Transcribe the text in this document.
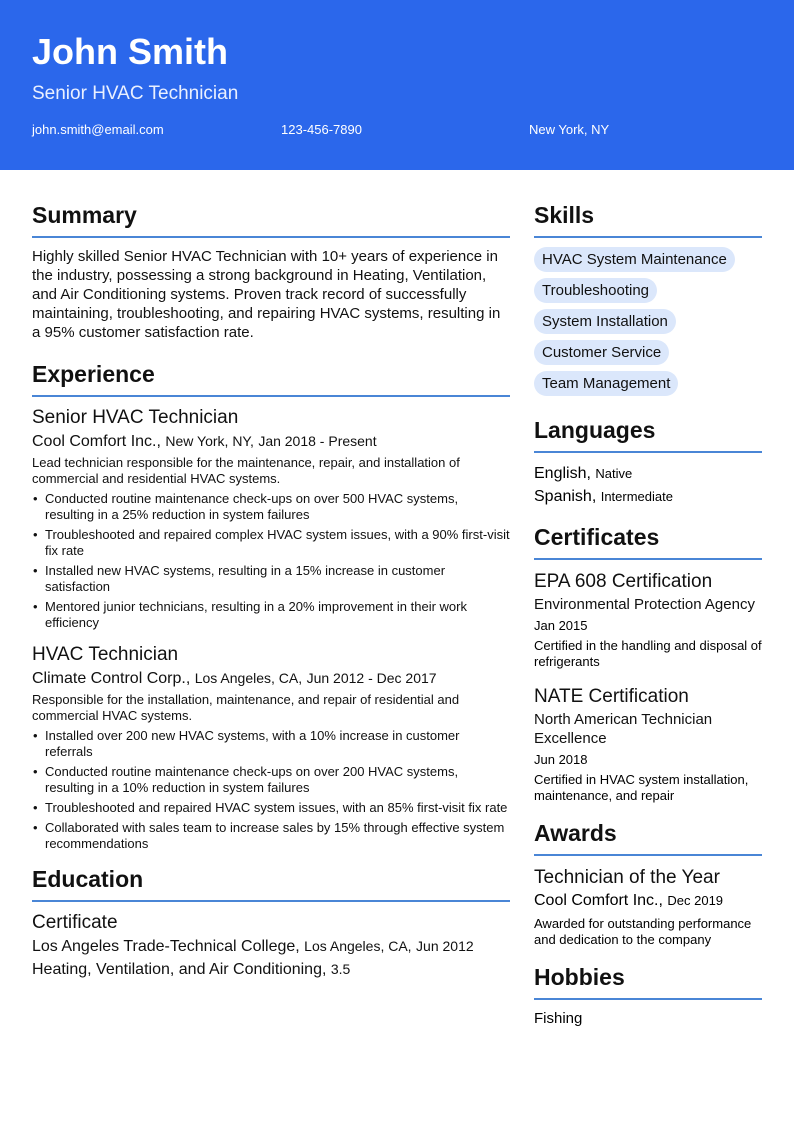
John Smith
Senior HVAC Technician
john.smith@email.com	123-456-7890	New York, NY
Summary
Highly skilled Senior HVAC Technician with 10+ years of experience in the industry, possessing a strong background in Heating, Ventilation, and Air Conditioning systems. Proven track record of successfully maintaining, troubleshooting, and repairing HVAC systems, resulting in a 95% customer satisfaction rate.
Experience
Senior HVAC Technician
Cool Comfort Inc., New York, NY, Jan 2018 - Present
Lead technician responsible for the maintenance, repair, and installation of commercial and residential HVAC systems.
• Conducted routine maintenance check-ups on over 500 HVAC systems, resulting in a 25% reduction in system failures
• Troubleshooted and repaired complex HVAC system issues, with a 90% first-visit fix rate
• Installed new HVAC systems, resulting in a 15% increase in customer satisfaction
• Mentored junior technicians, resulting in a 20% improvement in their work efficiency
HVAC Technician
Climate Control Corp., Los Angeles, CA, Jun 2012 - Dec 2017
Responsible for the installation, maintenance, and repair of residential and commercial HVAC systems.
• Installed over 200 new HVAC systems, with a 10% increase in customer referrals
• Conducted routine maintenance check-ups on over 200 HVAC systems, resulting in a 10% reduction in system failures
• Troubleshooted and repaired HVAC system issues, with an 85% first-visit fix rate
• Collaborated with sales team to increase sales by 15% through effective system recommendations
Education
Certificate
Los Angeles Trade-Technical College, Los Angeles, CA, Jun 2012
Heating, Ventilation, and Air Conditioning, 3.5
Skills
HVAC System Maintenance
Troubleshooting
System Installation
Customer Service
Team Management
Languages
English, Native
Spanish, Intermediate
Certificates
EPA 608 Certification
Environmental Protection Agency
Jan 2015
Certified in the handling and disposal of refrigerants
NATE Certification
North American Technician Excellence
Jun 2018
Certified in HVAC system installation, maintenance, and repair
Awards
Technician of the Year
Cool Comfort Inc., Dec 2019
Awarded for outstanding performance and dedication to the company
Hobbies
Fishing
